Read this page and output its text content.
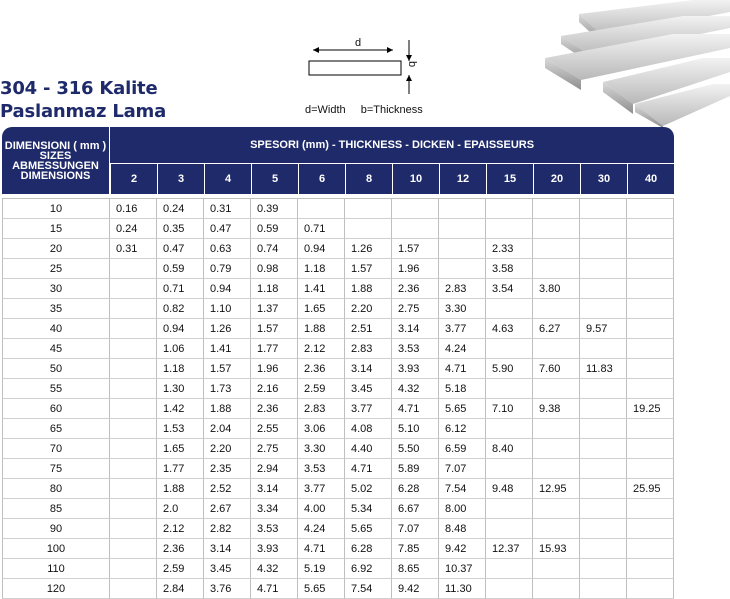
304 - 316 Kalite
Paslanmaz Lama
d
b
d=Width b=Thickness
DIMENSIONI ( mm )
SIZES
ABMESSUNGEN
DIMENSIONS	SPESORI (mm) - THICKNESS - DICKEN - EPAISSEURS											
	2	3	4	5	6	8	10	12	15	20	30	40

10	0.16	0.24	0.31	0.39								
15	0.24	0.35	0.47	0.59	0.71							
20	0.31	0.47	0.63	0.74	0.94	1.26	1.57		2.33			
25		0.59	0.79	0.98	1.18	1.57	1.96		3.58			
30		0.71	0.94	1.18	1.41	1.88	2.36	2.83	3.54	3.80		
35		0.82	1.10	1.37	1.65	2.20	2.75	3.30				
40		0.94	1.26	1.57	1.88	2.51	3.14	3.77	4.63	6.27	9.57	
45		1.06	1.41	1.77	2.12	2.83	3.53	4.24				
50		1.18	1.57	1.96	2.36	3.14	3.93	4.71	5.90	7.60	11.83	
55		1.30	1.73	2.16	2.59	3.45	4.32	5.18				
60		1.42	1.88	2.36	2.83	3.77	4.71	5.65	7.10	9.38		19.25
65		1.53	2.04	2.55	3.06	4.08	5.10	6.12				
70		1.65	2.20	2.75	3.30	4.40	5.50	6.59	8.40			
75		1.77	2.35	2.94	3.53	4.71	5.89	7.07				
80		1.88	2.52	3.14	3.77	5.02	6.28	7.54	9.48	12.95		25.95
85		2.0	2.67	3.34	4.00	5.34	6.67	8.00				
90		2.12	2.82	3.53	4.24	5.65	7.07	8.48				
100		2.36	3.14	3.93	4.71	6.28	7.85	9.42	12.37	15.93		
110		2.59	3.45	4.32	5.19	6.92	8.65	10.37				
120		2.84	3.76	4.71	5.65	7.54	9.42	11.30				
